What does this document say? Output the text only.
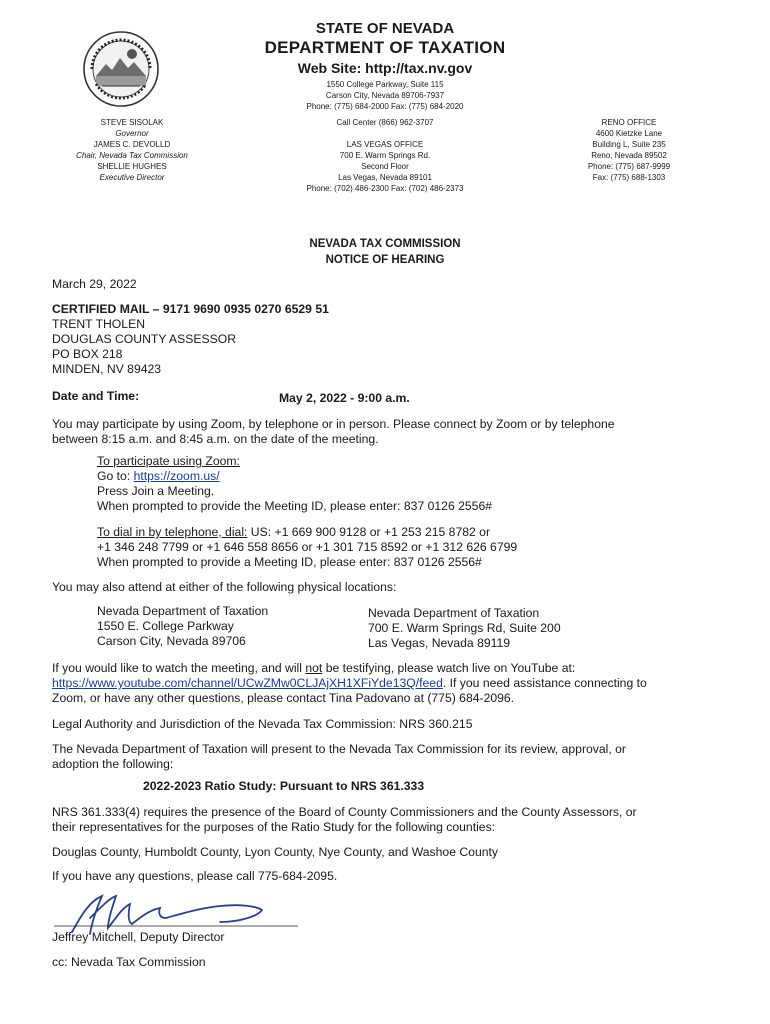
STATE OF NEVADA
DEPARTMENT OF TAXATION
Web Site: http://tax.nv.gov
1550 College Parkway, Suite 115
Carson City, Nevada 89706-7937
Phone: (775) 684-2000 Fax: (775) 684-2020
Call Center (866) 962-3707
STEVE SISOLAK
Governor
JAMES C. DEVOLLD
Chair, Nevada Tax Commission
SHELLIE HUGHES
Executive Director
LAS VEGAS OFFICE
700 E. Warm Springs Rd.
Second Floor
Las Vegas, Nevada 89101
Phone: (702) 486-2300 Fax: (702) 486-2373
RENO OFFICE
4600 Kietzke Lane
Building L, Suite 235
Reno, Nevada 89502
Phone: (775) 687-9999
Fax: (775) 688-1303
NEVADA TAX COMMISSION
NOTICE OF HEARING
March 29, 2022
CERTIFIED MAIL – 9171 9690 0935 0270 6529 51
TRENT THOLEN
DOUGLAS COUNTY ASSESSOR
PO BOX 218
MINDEN, NV 89423
Date and Time:	May 2, 2022 - 9:00 a.m.
You may participate by using Zoom, by telephone or in person. Please connect by Zoom or by telephone
between 8:15 a.m. and 8:45 a.m. on the date of the meeting.
To participate using Zoom:
Go to: https://zoom.us/
Press Join a Meeting.
When prompted to provide the Meeting ID, please enter: 837 0126 2556#
To dial in by telephone, dial: US: +1 669 900 9128 or +1 253 215 8782 or
+1 346 248 7799 or +1 646 558 8656 or +1 301 715 8592 or +1 312 626 6799
When prompted to provide a Meeting ID, please enter: 837 0126 2556#
You may also attend at either of the following physical locations:
Nevada Department of Taxation
1550 E. College Parkway
Carson City, Nevada 89706
Nevada Department of Taxation
700 E. Warm Springs Rd, Suite 200
Las Vegas, Nevada 89119
If you would like to watch the meeting, and will not be testifying, please watch live on YouTube at:
https://www.youtube.com/channel/UCwZMw0CLJAjXH1XFiYde13Q/feed. If you need assistance connecting to
Zoom, or have any other questions, please contact Tina Padovano at (775) 684-2096.
Legal Authority and Jurisdiction of the Nevada Tax Commission: NRS 360.215
The Nevada Department of Taxation will present to the Nevada Tax Commission for its review, approval, or
adoption the following:
2022-2023 Ratio Study: Pursuant to NRS 361.333
NRS 361.333(4) requires the presence of the Board of County Commissioners and the County Assessors, or
their representatives for the purposes of the Ratio Study for the following counties:
Douglas County, Humboldt County, Lyon County, Nye County, and Washoe County
If you have any questions, please call 775-684-2095.
Jeffrey Mitchell, Deputy Director
cc: Nevada Tax Commission
